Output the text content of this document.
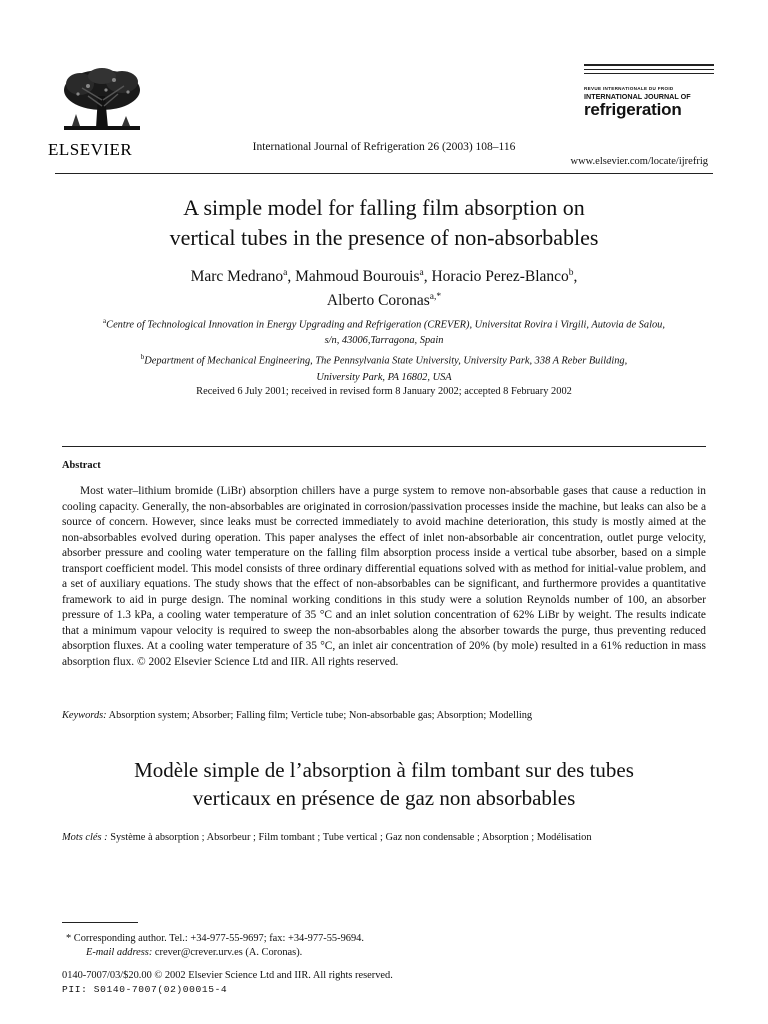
ELSEVIER	International Journal of Refrigeration 26 (2003) 108–116
REVUE INTERNATIONALE DU FROID
INTERNATIONAL JOURNAL OF
refrigeration
www.elsevier.com/locate/ijrefrig
A simple model for falling film absorption on
vertical tubes in the presence of non-absorbables
Marc Medrano$^a$, Mahmoud Bourouis$^a$, Horacio Perez-Blanco$^b$,
Alberto Coronas$^{a,*}$
$^a$Centre of Technological Innovation in Energy Upgrading and Refrigeration (CREVER), Universitat Rovira i Virgili, Autovia de Salou,
s/n, 43006,Tarragona, Spain
$^b$Department of Mechanical Engineering, The Pennsylvania State University, University Park, 338 A Reber Building,
University Park, PA 16802, USA
Received 6 July 2001; received in revised form 8 January 2002; accepted 8 February 2002
Abstract

Most water–lithium bromide (LiBr) absorption chillers have a purge system to remove non-absorbable gases that cause a reduction in cooling capacity. Generally, the non-absorbables are originated in corrosion/passivation processes inside the machine, but leaks can also be a source of concern. However, since leaks must be corrected immediately to avoid machine deterioration, this study is mostly aimed at the non-absorbables evolved during operation. This paper analyses the effect of inlet non-absorbable air concentration, outlet purge velocity, absorber pressure and cooling water temperature on the falling film absorption process inside a vertical tube absorber, based on a simple transport coefficient model. This model consists of three ordinary differential equations solved with as method for initial-value problem, and a set of auxiliary equations. The study shows that the effect of non-absorbables can be significant, and furthermore provides a quantitative framework to aid in purge design. The nominal working conditions in this study were a solution Reynolds number of 100, an absorber pressure of 1.3 kPa, a cooling water temperature of 35 °C and an inlet solution concentration of 62% LiBr by weight. The results indicate that a minimum vapour velocity is required to sweep the non-absorbables along the absorber towards the purge, thus preventing reduced absorption fluxes. At a cooling water temperature of 35 °C, an inlet air concentration of 20% (by mole) resulted in a 61% reduction in mass absorption flux. © 2002 Elsevier Science Ltd and IIR. All rights reserved.

Keywords: Absorption system; Absorber; Falling film; Verticle tube; Non-absorbable gas; Absorption; Modelling
Modèle simple de l’absorption à film tombant sur des tubes
verticaux en présence de gaz non absorbables
Mots clés : Système à absorption ; Absorbeur ; Film tombant ; Tube vertical ; Gaz non condensable ; Absorption ; Modélisation
* Corresponding author. Tel.: +34-977-55-9697; fax: +34-977-55-9694.
E-mail address: crever@crever.urv.es (A. Coronas).
0140-7007/03/$20.00 © 2002 Elsevier Science Ltd and IIR. All rights reserved.
PII: S0140-7007(02)00015-4
